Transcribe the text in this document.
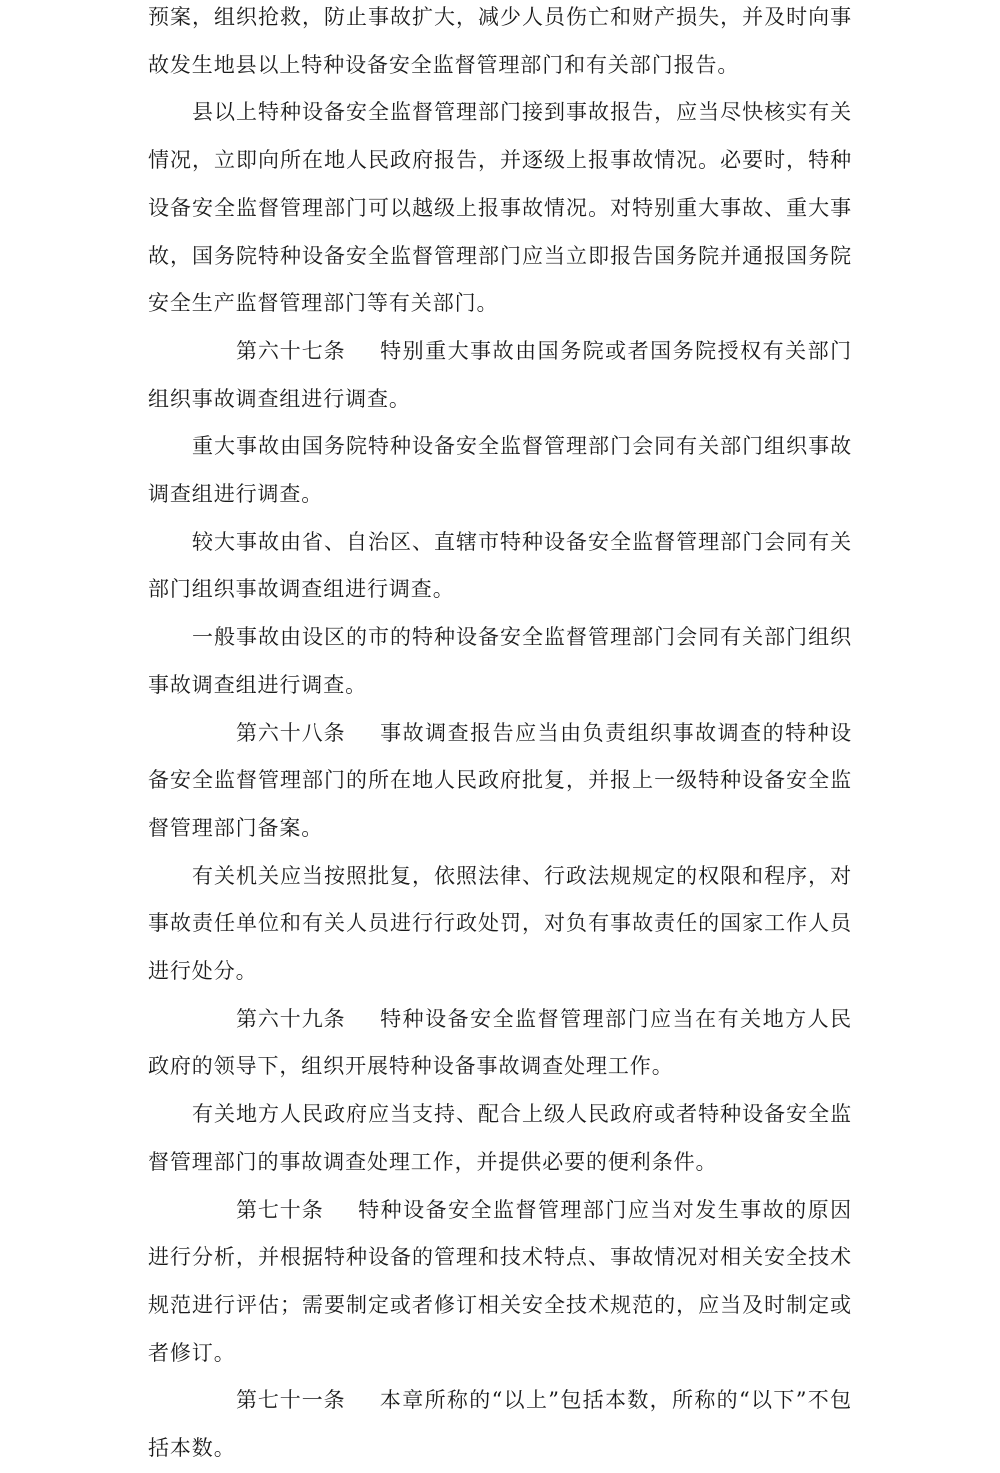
预案，组织抢救，防止事故扩大，减少人员伤亡和财产损失，并及时向事故发生地县以上特种设备安全监督管理部门和有关部门报告。

县以上特种设备安全监督管理部门接到事故报告，应当尽快核实有关情况，立即向所在地人民政府报告，并逐级上报事故情况。必要时，特种设备安全监督管理部门可以越级上报事故情况。对特别重大事故、重大事故，国务院特种设备安全监督管理部门应当立即报告国务院并通报国务院安全生产监督管理部门等有关部门。

第六十七条 特别重大事故由国务院或者国务院授权有关部门组织事故调查组进行调查。

重大事故由国务院特种设备安全监督管理部门会同有关部门组织事故调查组进行调查。

较大事故由省、自治区、直辖市特种设备安全监督管理部门会同有关部门组织事故调查组进行调查。

一般事故由设区的市的特种设备安全监督管理部门会同有关部门组织事故调查组进行调查。

第六十八条 事故调查报告应当由负责组织事故调查的特种设备安全监督管理部门的所在地人民政府批复，并报上一级特种设备安全监督管理部门备案。

有关机关应当按照批复，依照法律、行政法规规定的权限和程序，对事故责任单位和有关人员进行行政处罚，对负有事故责任的国家工作人员进行处分。

第六十九条 特种设备安全监督管理部门应当在有关地方人民政府的领导下，组织开展特种设备事故调查处理工作。

有关地方人民政府应当支持、配合上级人民政府或者特种设备安全监督管理部门的事故调查处理工作，并提供必要的便利条件。

第七十条 特种设备安全监督管理部门应当对发生事故的原因进行分析，并根据特种设备的管理和技术特点、事故情况对相关安全技术规范进行评估；需要制定或者修订相关安全技术规范的，应当及时制定或者修订。

第七十一条 本章所称的“以上”包括本数，所称的“以下”不包括本数。
